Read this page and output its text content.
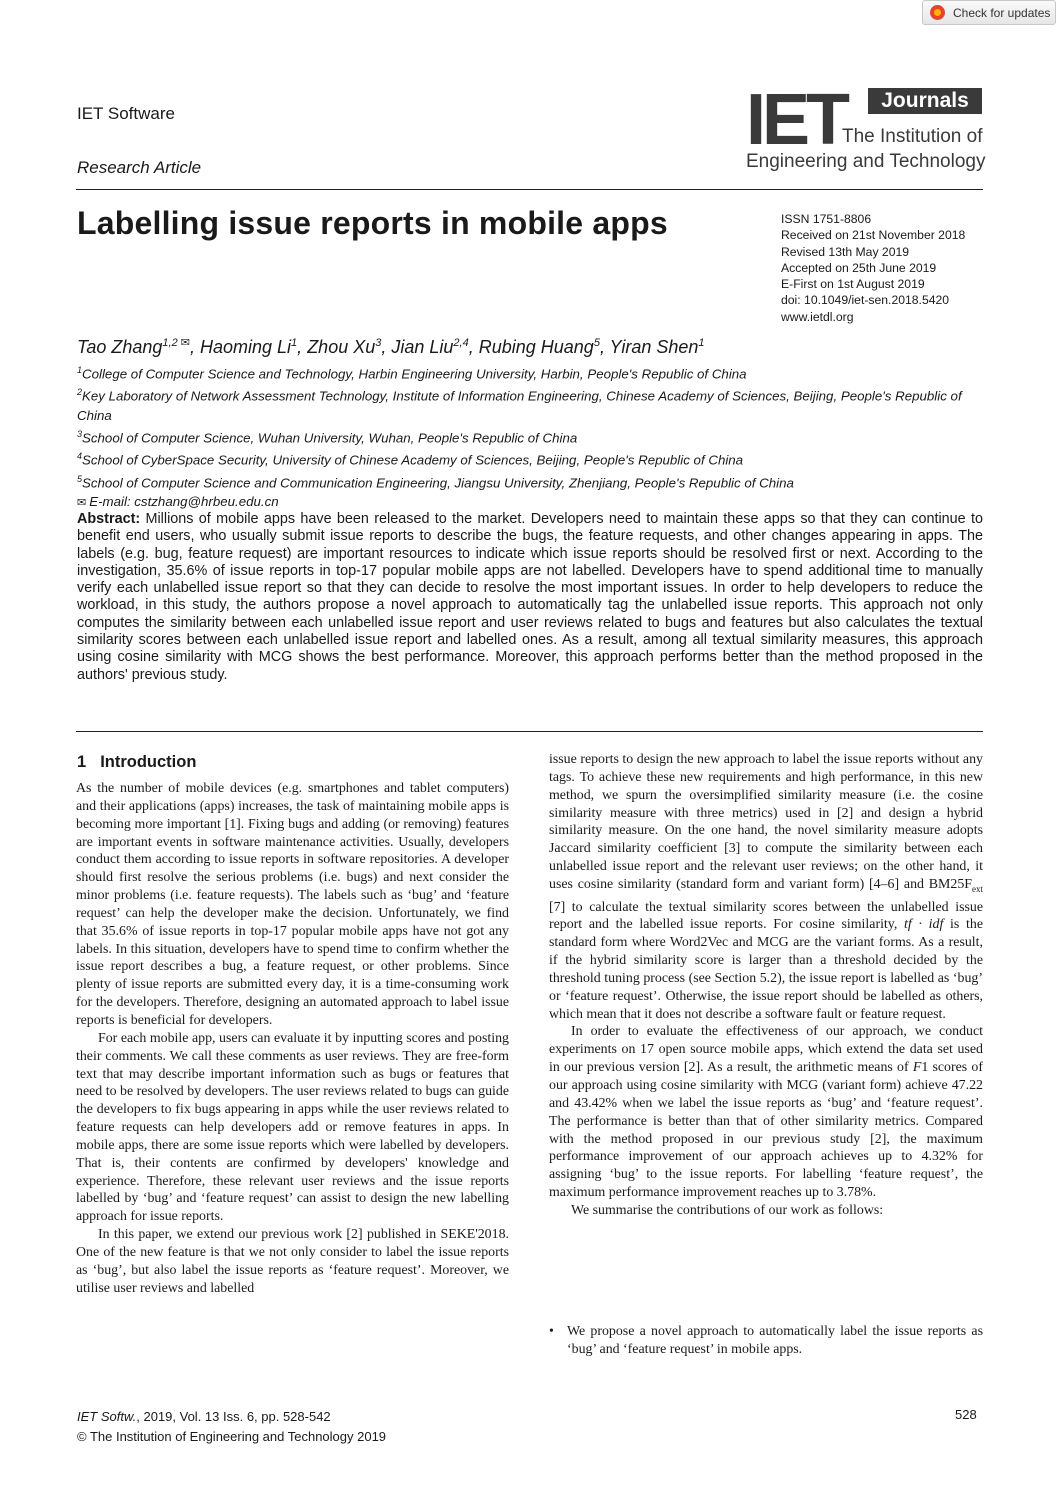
Check for updates
IET Software
Research Article
IET	Journals
The Institution of
Engineering and Technology
Labelling issue reports in mobile apps	ISSN 1751-8806
Received on 21st November 2018
Revised 13th May 2019
Accepted on 25th June 2019
E-First on 1st August 2019
doi: 10.1049/iet-sen.2018.5420
www.ietdl.org
Tao Zhang$^{1,2 ✉}$, Haoming Li$^1$, Zhou Xu$^3$, Jian Liu$^{2,4}$, Rubing Huang$^5$, Yiran Shen$^1$
$^1$College of Computer Science and Technology, Harbin Engineering University, Harbin, People's Republic of China
$^2$Key Laboratory of Network Assessment Technology, Institute of Information Engineering, Chinese Academy of Sciences, Beijing, People's Republic of China
$^3$School of Computer Science, Wuhan University, Wuhan, People's Republic of China
$^4$School of CyberSpace Security, University of Chinese Academy of Sciences, Beijing, People's Republic of China
$^5$School of Computer Science and Communication Engineering, Jiangsu University, Zhenjiang, People's Republic of China
✉ E-mail: cstzhang@hrbeu.edu.cn
Abstract: Millions of mobile apps have been released to the market. Developers need to maintain these apps so that they can continue to benefit end users, who usually submit issue reports to describe the bugs, the feature requests, and other changes appearing in apps. The labels (e.g. bug, feature request) are important resources to indicate which issue reports should be resolved first or next. According to the investigation, 35.6% of issue reports in top-17 popular mobile apps are not labelled. Developers have to spend additional time to manually verify each unlabelled issue report so that they can decide to resolve the most important issues. In order to help developers to reduce the workload, in this study, the authors propose a novel approach to automatically tag the unlabelled issue reports. This approach not only computes the similarity between each unlabelled issue report and user reviews related to bugs and features but also calculates the textual similarity scores between each unlabelled issue report and labelled ones. As a result, among all textual similarity measures, this approach using cosine similarity with MCG shows the best performance. Moreover, this approach performs better than the method proposed in the authors' previous study.
1 Introduction

As the number of mobile devices (e.g. smartphones and tablet computers) and their applications (apps) increases, the task of maintaining mobile apps is becoming more important [1]. Fixing bugs and adding (or removing) features are important events in software maintenance activities. Usually, developers conduct them according to issue reports in software repositories. A developer should first resolve the serious problems (i.e. bugs) and next consider the minor problems (i.e. feature requests). The labels such as ‘bug’ and ‘feature request’ can help the developer make the decision. Unfortunately, we find that 35.6% of issue reports in top-17 popular mobile apps have not got any labels. In this situation, developers have to spend time to confirm whether the issue report describes a bug, a feature request, or other problems. Since plenty of issue reports are submitted every day, it is a time-consuming work for the developers. Therefore, designing an automated approach to label issue reports is beneficial for developers.

For each mobile app, users can evaluate it by inputting scores and posting their comments. We call these comments as user reviews. They are free-form text that may describe important information such as bugs or features that need to be resolved by developers. The user reviews related to bugs can guide the developers to fix bugs appearing in apps while the user reviews related to feature requests can help developers add or remove features in apps. In mobile apps, there are some issue reports which were labelled by developers. That is, their contents are confirmed by developers' knowledge and experience. Therefore, these relevant user reviews and the issue reports labelled by ‘bug’ and ‘feature request’ can assist to design the new labelling approach for issue reports.

In this paper, we extend our previous work [2] published in SEKE'2018. One of the new feature is that we not only consider to label the issue reports as ‘bug’, but also label the issue reports as ‘feature request’. Moreover, we utilise user reviews and labelled

issue reports to design the new approach to label the issue reports without any tags. To achieve these new requirements and high performance, in this new method, we spurn the oversimplified similarity measure (i.e. the cosine similarity measure with three metrics) used in [2] and design a hybrid similarity measure. On the one hand, the novel similarity measure adopts Jaccard similarity coefficient [3] to compute the similarity between each unlabelled issue report and the relevant user reviews; on the other hand, it uses cosine similarity (standard form and variant form) [4–6] and $BM25F_{ext}$ [7] to calculate the textual similarity scores between the unlabelled issue report and the labelled issue reports. For cosine similarity, tf · idf is the standard form where Word2Vec and MCG are the variant forms. As a result, if the hybrid similarity score is larger than a threshold decided by the threshold tuning process (see Section 5.2), the issue report is labelled as ‘bug’ or ‘feature request’. Otherwise, the issue report should be labelled as others, which mean that it does not describe a software fault or feature request.

In order to evaluate the effectiveness of our approach, we conduct experiments on 17 open source mobile apps, which extend the data set used in our previous version [2]. As a result, the arithmetic means of F1 scores of our approach using cosine similarity with MCG (variant form) achieve 47.22 and 43.42% when we label the issue reports as ‘bug’ and ‘feature request’. The performance is better than that of other similarity metrics. Compared with the method proposed in our previous study [2], the maximum performance improvement of our approach achieves up to 4.32% for assigning ‘bug’ to the issue reports. For labelling ‘feature request’, the maximum performance improvement reaches up to 3.78%.

We summarise the contributions of our work as follows:

• We propose a novel approach to automatically label the issue reports as ‘bug’ and ‘feature request’ in mobile apps.
IET Softw., 2019, Vol. 13 Iss. 6, pp. 528-542
© The Institution of Engineering and Technology 2019
528
